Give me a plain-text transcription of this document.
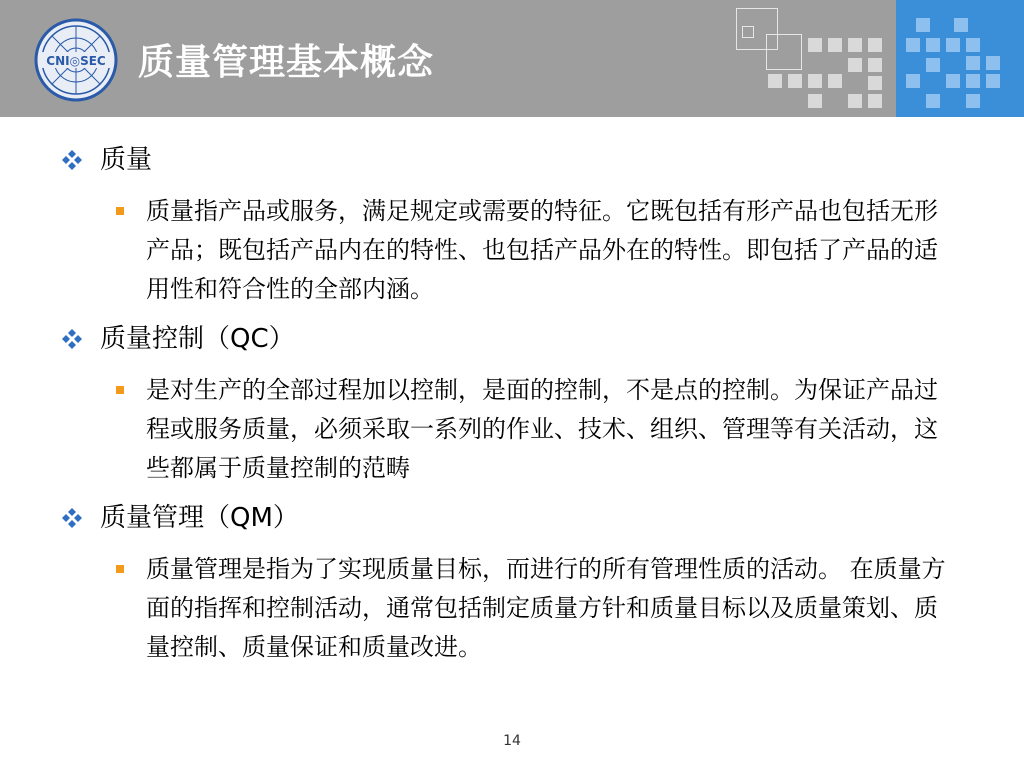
CNI◎SEC 质量管理基本概念
质量
质量指产品或服务，满足规定或需要的特征。它既包括有形产品也包括无形产品；既包括产品内在的特性、也包括产品外在的特性。即包括了产品的适用性和符合性的全部内涵。
质量控制（QC）
是对生产的全部过程加以控制，是面的控制，不是点的控制。为保证产品过程或服务质量，必须采取一系列的作业、技术、组织、管理等有关活动，这些都属于质量控制的范畴
质量管理（QM）
质量管理是指为了实现质量目标，而进行的所有管理性质的活动。 在质量方面的指挥和控制活动，通常包括制定质量方针和质量目标以及质量策划、质量控制、质量保证和质量改进。
14
